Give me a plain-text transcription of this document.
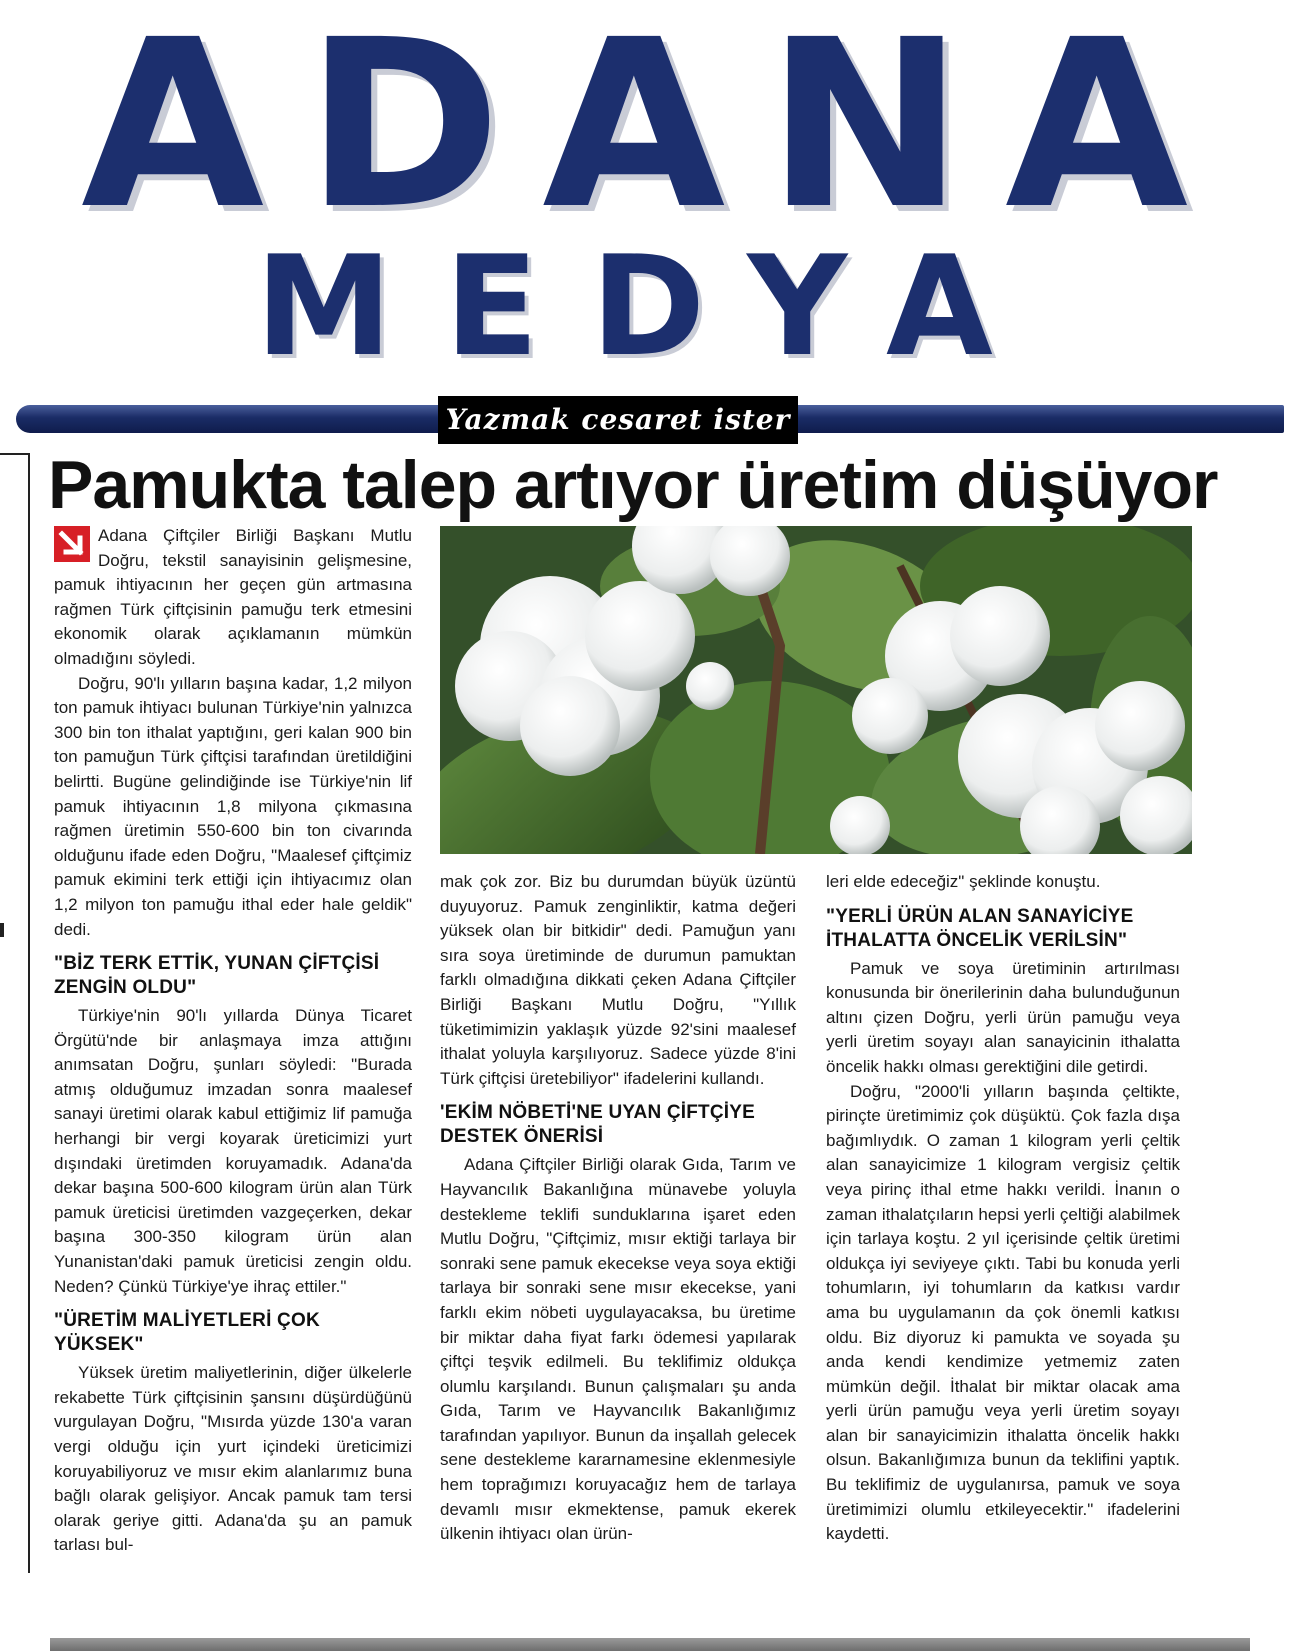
ADANA
MEDYA
Yazmak cesaret ister
Pamukta talep artıyor üretim düşüyor

Adana Çiftçiler Birliği Başkanı Mutlu Doğru, tekstil sanayisinin gelişmesine, pamuk ihtiyacının her geçen gün artmasına rağmen Türk çiftçisinin pamuğu terk etmesini ekonomik olarak açıklamanın mümkün olmadığını söyledi.

Doğru, 90'lı yılların başına kadar, 1,2 milyon ton pamuk ihtiyacı bulunan Türkiye'nin yalnızca 300 bin ton ithalat yaptığını, geri kalan 900 bin ton pamuğun Türk çiftçisi tarafından üretildiğini belirtti. Bugüne gelindiğinde ise Türkiye'nin lif pamuk ihtiyacının 1,8 milyona çıkmasına rağmen üretimin 550-600 bin ton civarında olduğunu ifade eden Doğru, "Maalesef çiftçimiz pamuk ekimini terk ettiği için ihtiyacımız olan 1,2 milyon ton pamuğu ithal eder hale geldik" dedi.

"BİZ TERK ETTİK, YUNAN ÇİFTÇİSİ ZENGİN OLDU"

Türkiye'nin 90'lı yıllarda Dünya Ticaret Örgütü'nde bir anlaşmaya imza attığını anımsatan Doğru, şunları söyledi: "Burada atmış olduğumuz imzadan sonra maalesef sanayi üretimi olarak kabul ettiğimiz lif pamuğa herhangi bir vergi koyarak üreticimizi yurt dışındaki üretimden koruyamadık. Adana'da dekar başına 500-600 kilogram ürün alan Türk pamuk üreticisi üretimden vazgeçerken, dekar başına 300-350 kilogram ürün alan Yunanistan'daki pamuk üreticisi zengin oldu. Neden? Çünkü Türkiye'ye ihraç ettiler."

"ÜRETİM MALİYETLERİ ÇOK YÜKSEK"

Yüksek üretim maliyetlerinin, diğer ülkelerle rekabette Türk çiftçisinin şansını düşürdüğünü vurgulayan Doğru, "Mısırda yüzde 130'a varan vergi olduğu için yurt içindeki üreticimizi koruyabiliyoruz ve mısır ekim alanlarımız buna bağlı olarak gelişiyor. Ancak pamuk tam tersi olarak geriye gitti. Adana'da şu an pamuk tarlası bul-

mak çok zor. Biz bu durumdan büyük üzüntü duyuyoruz. Pamuk zenginliktir, katma değeri yüksek olan bir bitkidir" dedi. Pamuğun yanı sıra soya üretiminde de durumun pamuktan farklı olmadığına dikkati çeken Adana Çiftçiler Birliği Başkanı Mutlu Doğru, "Yıllık tüketimimizin yaklaşık yüzde 92'sini maalesef ithalat yoluyla karşılıyoruz. Sadece yüzde 8'ini Türk çiftçisi üretebiliyor" ifadelerini kullandı.

'EKİM NÖBETİ'NE UYAN ÇİFTÇİYE DESTEK ÖNERİSİ

Adana Çiftçiler Birliği olarak Gıda, Tarım ve Hayvancılık Bakanlığına münavebe yoluyla destekleme teklifi sunduklarına işaret eden Mutlu Doğru, "Çiftçimiz, mısır ektiği tarlaya bir sonraki sene pamuk ekecekse veya soya ektiği tarlaya bir sonraki sene mısır ekecekse, yani farklı ekim nöbeti uygulayacaksa, bu üretime bir miktar daha fiyat farkı ödemesi yapılarak çiftçi teşvik edilmeli. Bu teklifimiz oldukça olumlu karşılandı. Bunun çalışmaları şu anda Gıda, Tarım ve Hayvancılık Bakanlığımız tarafından yapılıyor. Bunun da inşallah gelecek sene destekleme kararnamesine eklenmesiyle hem toprağımızı koruyacağız hem de tarlaya devamlı mısır ekmektense, pamuk ekerek ülkenin ihtiyacı olan ürün-

leri elde edeceğiz" şeklinde konuştu.

"YERLİ ÜRÜN ALAN SANAYİCİYE İTHALATTA ÖNCELİK VERİLSİN"

Pamuk ve soya üretiminin artırılması konusunda bir önerilerinin daha bulunduğunun altını çizen Doğru, yerli ürün pamuğu veya yerli üretim soyayı alan sanayicinin ithalatta öncelik hakkı olması gerektiğini dile getirdi.

Doğru, "2000'li yılların başında çeltikte, pirinçte üretimimiz çok düşüktü. Çok fazla dışa bağımlıydık. O zaman 1 kilogram yerli çeltik alan sanayicimize 1 kilogram vergisiz çeltik veya pirinç ithal etme hakkı verildi. İnanın o zaman ithalatçıların hepsi yerli çeltiği alabilmek için tarlaya koştu. 2 yıl içerisinde çeltik üretimi oldukça iyi seviyeye çıktı. Tabi bu konuda yerli tohumların, iyi tohumların da katkısı vardır ama bu uygulamanın da çok önemli katkısı oldu. Biz diyoruz ki pamukta ve soyada şu anda kendi kendimize yetmemiz zaten mümkün değil. İthalat bir miktar olacak ama yerli ürün pamuğu veya yerli üretim soyayı alan bir sanayicimizin ithalatta öncelik hakkı olsun. Bakanlığımıza bunun da teklifini yaptık. Bu teklifimiz de uygulanırsa, pamuk ve soya üretimimizi olumlu etkileyecektir." ifadelerini kaydetti.
